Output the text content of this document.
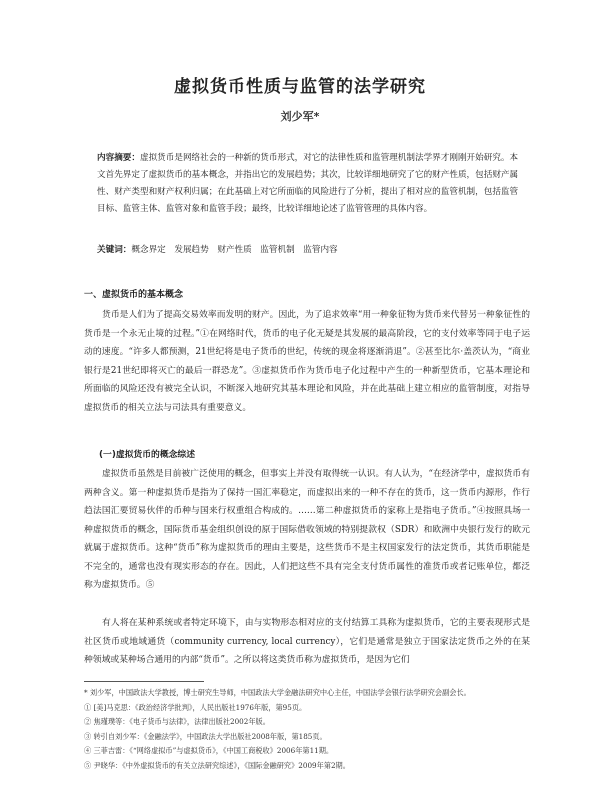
虚拟货币性质与监管的法学研究
刘少军*
内容摘要：虚拟货币是网络社会的一种新的货币形式，对它的法律性质和监管理机制法学界才刚刚开始研究。本文首先界定了虚拟货币的基本概念，并指出它的发展趋势；其次，比较详细地研究了它的财产性质，包括财产属性、财产类型和财产权利归属；在此基础上对它所面临的风险进行了分析，提出了相对应的监管机制，包括监管目标、监管主体、监管对象和监管手段；最终，比较详细地论述了监管管理的具体内容。
关键词：概念界定　发展趋势　财产性质　监管机制　监管内容
一、虚拟货币的基本概念
货币是人们为了提高交易效率而发明的财产。因此，为了追求效率“用一种象征物为货币来代替另一种象征性的货币是一个永无止境的过程。”①在网络时代，货币的电子化无疑是其发展的最高阶段，它的支付效率等同于电子运动的速度。“许多人都预测，21世纪将是电子货币的世纪，传统的现金将逐渐消退”。②甚至比尔·盖茨认为，“商业银行是21世纪即将灭亡的最后一群恐龙”。③虚拟货币作为货币电子化过程中产生的一种新型货币，它基本理论和所面临的风险还没有被完全认识，不断深入地研究其基本理论和风险，并在此基础上建立相应的监管制度，对指导虚拟货币的相关立法与司法具有重要意义。
(一)虚拟货币的概念综述
虚拟货币虽然是目前被广泛使用的概念，但事实上并没有取得统一认识。有人认为，“在经济学中，虚拟货币有两种含义。第一种虚拟货币是指为了保持一国汇率稳定，而虚拟出来的一种不存在的货币，这一货币内源形，作行趋法国汇要贸易伙伴的币种与国来行权重组合构成的。……第二种虚拟货币的家称上是指电子货币。”④按照具场一种虚拟货币的概念，国际货币基金组织创设的原于国际借收领域的特别提款权（SDR）和欧洲中央银行发行的欧元就属于虚拟货币。这种“货币”称为虚拟货币的理由主要是，这些货币不是主权国家发行的法定货币，其货币职能是不完全的，通常也没有现实形态的存在。因此，人们把这些不具有完全支付货币属性的准货币或者记账单位，都泛称为虚拟货币。⑤
有人将在某种系统或者特定环境下，由与实物形态相对应的支付结算工具称为虚拟货币，它的主要表现形式是社区货币或地域通货（community currency, local currency），它们是通常是独立于国家法定货币之外的在某种领域或某种场合通用的内部“货币”。之所以将这类货币称为虚拟货币，是因为它们
* 刘少军，中国政法大学教授，博士研究生导师，中国政法大学金融法研究中心主任，中国法学会银行法学研究会副会长。
① [美]马克思：《政治经济学批判》，人民出版社1976年版，第95页。
② 焦瑾璞等：《电子货币与法律》，法律出版社2002年版。
③ 转引自刘少军：《金融法学》，中国政法大学出版社2008年版，第185页。
④ 三菲吉雷：《“网络虚拟币”与虚拟货币》，《中国工商税收》2006年第11期。
⑤ 尹晓华：《中外虚拟货币的有关立法研究综述》，《国际金融研究》2009年第2期。
